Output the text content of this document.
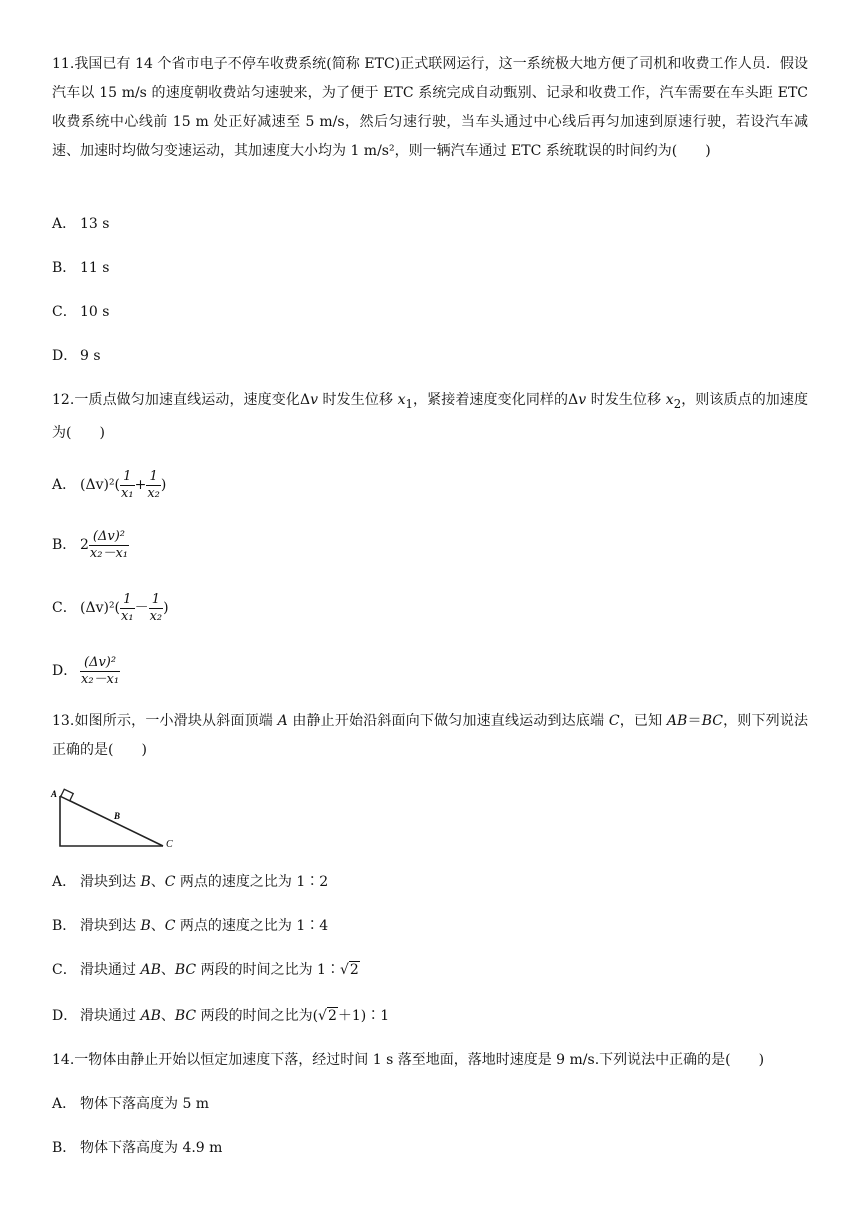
11.我国已有 14 个省市电子不停车收费系统(简称 ETC)正式联网运行，这一系统极大地方便了司机和收费工作人员．假设汽车以 15 m/s 的速度朝收费站匀速驶来，为了便于 ETC 系统完成自动甄别、记录和收费工作，汽车需要在车头距 ETC 收费系统中心线前 15 m 处正好减速至 5 m/s，然后匀速行驶，当车头通过中心线后再匀加速到原速行驶，若设汽车减速、加速时均做匀变速运动，其加速度大小均为 1 m/s²，则一辆汽车通过 ETC 系统耽误的时间约为(　　)
A． 13 s
B． 11 s
C． 10 s
D． 9 s
12.一质点做匀加速直线运动，速度变化Δv 时发生位移 $x_1$，紧接着速度变化同样的Δv 时发生位移 $x_2$，则该质点的加速度为(　　)
A． $(\Delta v)^2( \frac{1}{\text{x₁}} + \frac{1}{\text{x₂}}$ )
B． $2 \frac{\text{(Δv)²}}{\text{x₂－x₁}}$
C． $(\Delta v)^2( \frac{1}{\text{x₁}} - \frac{1}{\text{x₂}}$ )
D． $\frac{\text{(Δv)²}}{\text{x₂－x₁}}$
13.如图所示，一小滑块从斜面顶端 A 由静止开始沿斜面向下做匀加速直线运动到达底端 C，已知 AB＝BC，则下列说法正确的是(　　)
A
B
C
A． 滑块到达 B、C 两点的速度之比为 1∶2
B． 滑块到达 B、C 两点的速度之比为 1∶4
C． 滑块通过 AB、BC 两段的时间之比为 1∶√2
D． 滑块通过 AB、BC 两段的时间之比为(√2＋1)∶1
14.一物体由静止开始以恒定加速度下落，经过时间 1 s 落至地面，落地时速度是 9 m/s.下列说法中正确的是(　　)
A． 物体下落高度为 5 m
B． 物体下落高度为 4.9 m
